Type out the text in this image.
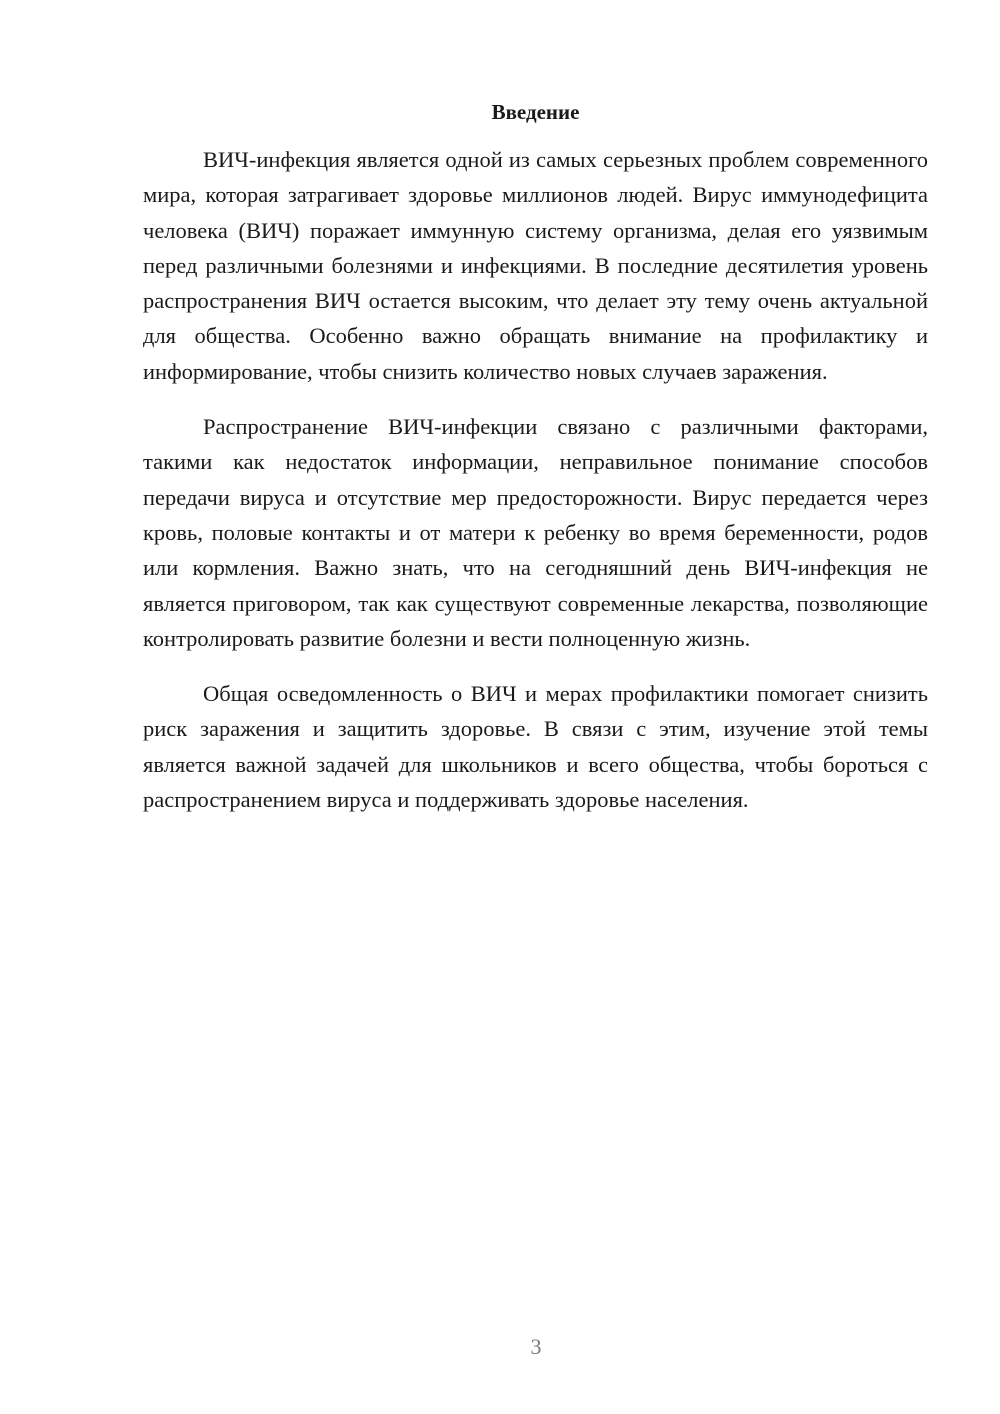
Введение

ВИЧ-инфекция является одной из самых серьезных проблем современного мира, которая затрагивает здоровье миллионов людей. Вирус иммунодефицита человека (ВИЧ) поражает иммунную систему организма, делая его уязвимым перед различными болезнями и инфекциями. В последние десятилетия уровень распространения ВИЧ остается высоким, что делает эту тему очень актуальной для общества. Особенно важно обращать внимание на профилактику и информирование, чтобы снизить количество новых случаев заражения.

Распространение ВИЧ-инфекции связано с различными факторами, такими как недостаток информации, неправильное понимание способов передачи вируса и отсутствие мер предосторожности. Вирус передается через кровь, половые контакты и от матери к ребенку во время беременности, родов или кормления. Важно знать, что на сегодняшний день ВИЧ-инфекция не является приговором, так как существуют современные лекарства, позволяющие контролировать развитие болезни и вести полноценную жизнь.

Общая осведомленность о ВИЧ и мерах профилактики помогает снизить риск заражения и защитить здоровье. В связи с этим, изучение этой темы является важной задачей для школьников и всего общества, чтобы бороться с распространением вируса и поддерживать здоровье населения.

3
